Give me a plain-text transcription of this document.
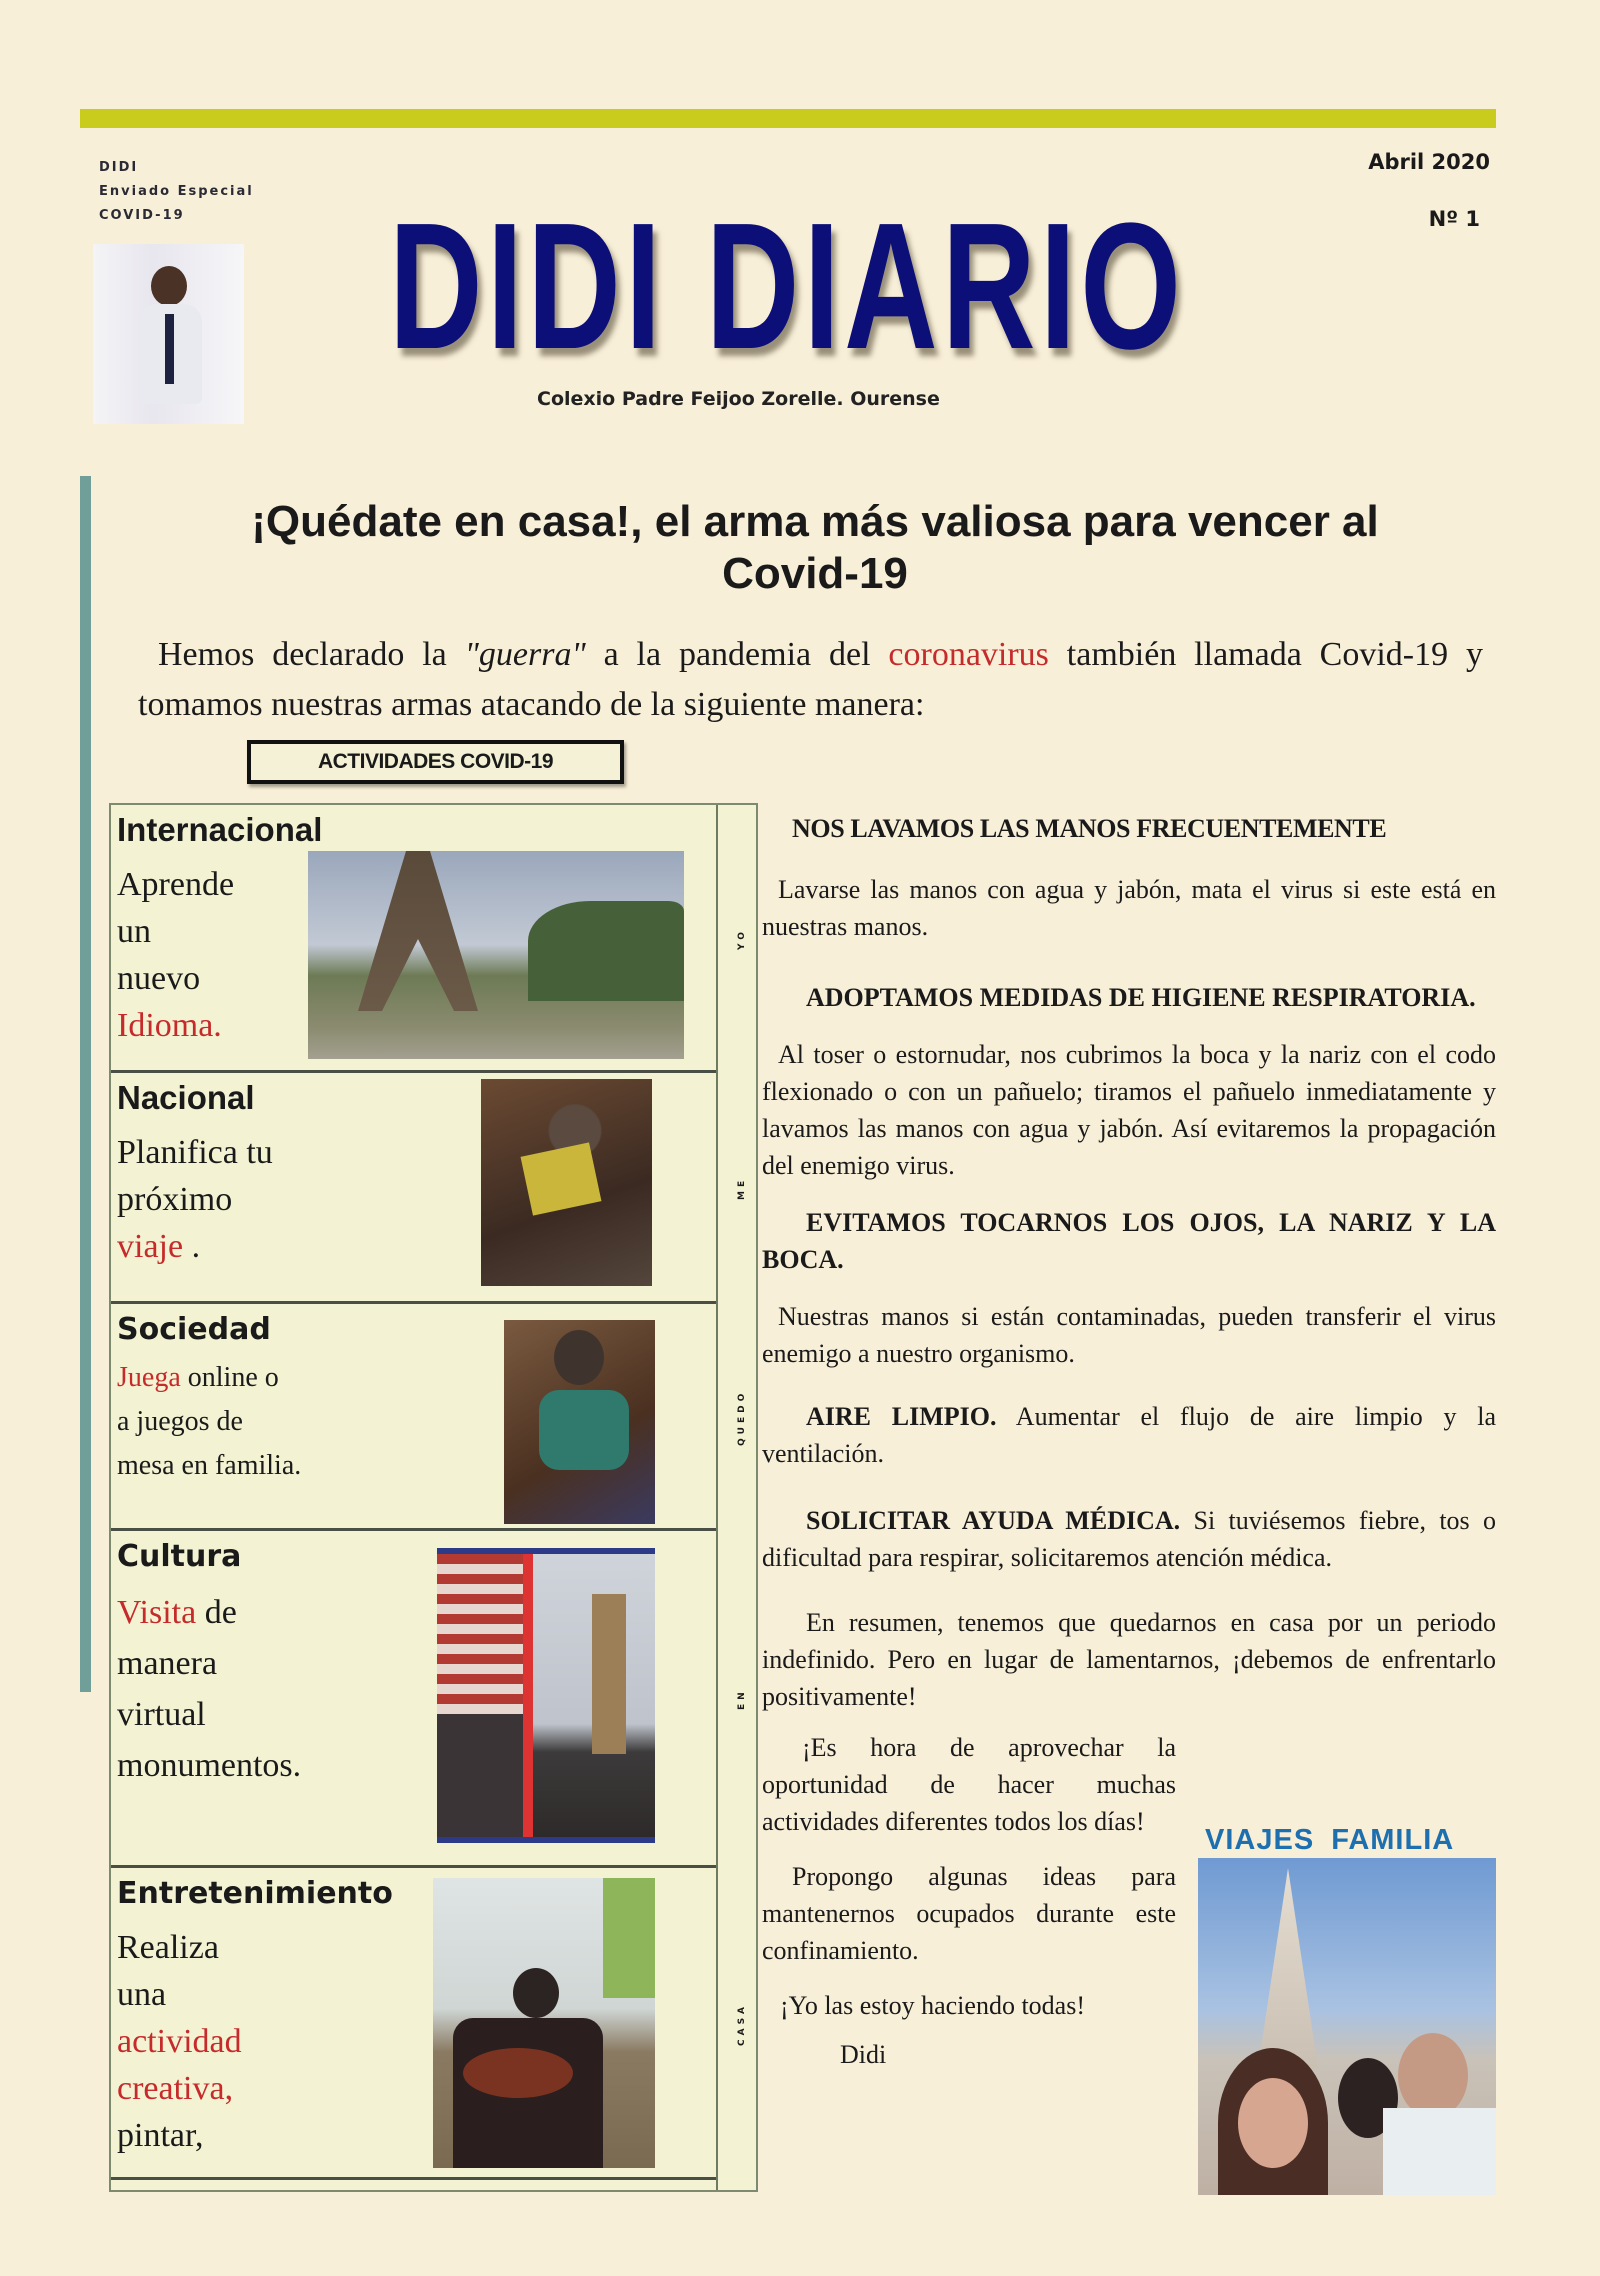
DIDI
Enviado Especial
COVID-19	DIDI DIARIO
Colexio Padre Feijoo Zorelle. Ourense
Abril 2020
Nº 1
¡Quédate en casa!, el arma más valiosa para vencer al
Covid-19
Hemos declarado la "guerra" a la pandemia del coronavirus también llamada Covid-19 y tomamos nuestras armas atacando de la siguiente manera:
ACTIVIDADES COVID-19
Internacional
Aprende
un
nuevo
Idioma.
YO
Nacional
Planifica tu
próximo
viaje .
ME
Sociedad
Juega online o
a juegos de
mesa en familia.
QUEDO
Cultura
Visita de
manera
virtual
monumentos.
EN
Entretenimiento
Realiza
una
actividad
creativa,
pintar,
CASA
NOS LAVAMOS LAS MANOS FRECUENTEMENTE
Lavarse las manos con agua y jabón, mata el virus si este está en nuestras manos.
ADOPTAMOS MEDIDAS DE HIGIENE RESPIRATORIA.
Al toser o estornudar, nos cubrimos la boca y la nariz con el codo flexionado o con un pañuelo; tiramos el pañuelo inmediatamente y lavamos las manos con agua y jabón. Así evitaremos la propagación del enemigo virus.
EVITAMOS TOCARNOS LOS OJOS, LA NARIZ Y LA BOCA.
Nuestras manos si están contaminadas, pueden transferir el virus enemigo a nuestro organismo.
AIRE LIMPIO. Aumentar el flujo de aire limpio y la ventilación.
SOLICITAR AYUDA MÉDICA. Si tuviésemos fiebre, tos o dificultad para respirar, solicitaremos atención médica.
En resumen, tenemos que quedarnos en casa por un periodo indefinido. Pero en lugar de lamentarnos, ¡debemos de enfrentarlo positivamente!
¡Es hora de aprovechar la oportunidad de hacer muchas actividades diferentes todos los días!
Propongo algunas ideas para mantenernos ocupados durante este confinamiento.
¡Yo las estoy haciendo todas!
Didi
VIAJES FAMILIA
